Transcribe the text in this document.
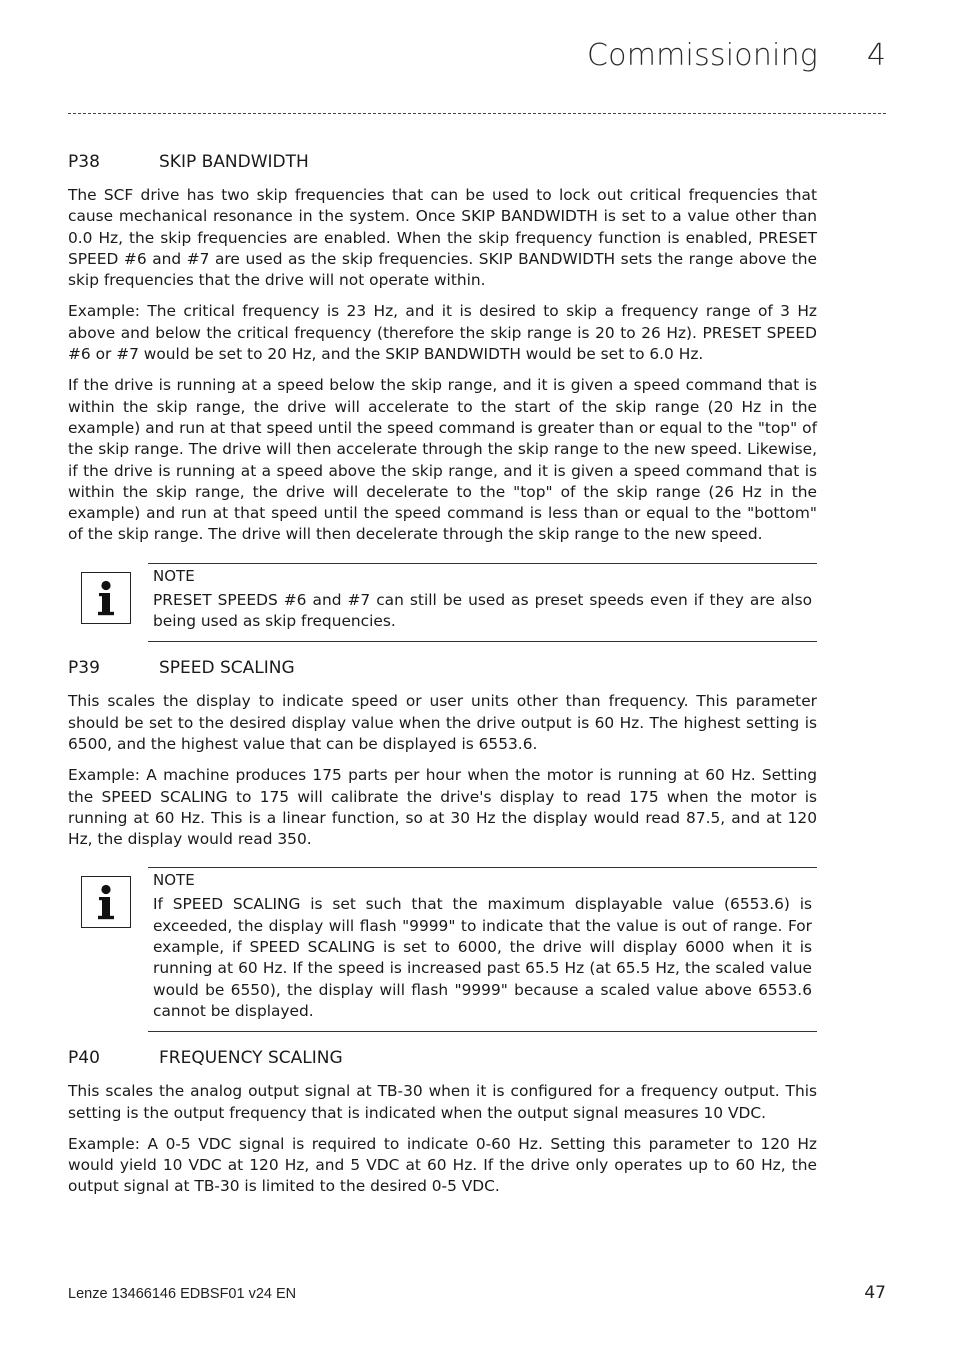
Commissioning 4
P38	SKIP BANDWIDTH

The SCF drive has two skip frequencies that can be used to lock out critical frequencies that cause mechanical resonance in the system. Once SKIP BANDWIDTH is set to a value other than 0.0 Hz, the skip frequencies are enabled. When the skip frequency function is enabled, PRESET SPEED #6 and #7 are used as the skip frequencies. SKIP BANDWIDTH sets the range above the skip frequencies that the drive will not operate within.

Example: The critical frequency is 23 Hz, and it is desired to skip a frequency range of 3 Hz above and below the critical frequency (therefore the skip range is 20 to 26 Hz). PRESET SPEED #6 or #7 would be set to 20 Hz, and the SKIP BANDWIDTH would be set to 6.0 Hz.

If the drive is running at a speed below the skip range, and it is given a speed command that is within the skip range, the drive will accelerate to the start of the skip range (20 Hz in the example) and run at that speed until the speed command is greater than or equal to the "top" of the skip range. The drive will then accelerate through the skip range to the new speed. Likewise, if the drive is running at a speed above the skip range, and it is given a speed command that is within the skip range, the drive will decelerate to the "top" of the skip range (26 Hz in the example) and run at that speed until the speed command is less than or equal to the "bottom" of the skip range. The drive will then decelerate through the skip range to the new speed.

NOTE
PRESET SPEEDS #6 and #7 can still be used as preset speeds even if they are also being used as skip frequencies.
P39	SPEED SCALING

This scales the display to indicate speed or user units other than frequency. This parameter should be set to the desired display value when the drive output is 60 Hz. The highest setting is 6500, and the highest value that can be displayed is 6553.6.

Example: A machine produces 175 parts per hour when the motor is running at 60 Hz. Setting the SPEED SCALING to 175 will calibrate the drive's display to read 175 when the motor is running at 60 Hz. This is a linear function, so at 30 Hz the display would read 87.5, and at 120 Hz, the display would read 350.

NOTE
If SPEED SCALING is set such that the maximum displayable value (6553.6) is exceeded, the display will flash "9999" to indicate that the value is out of range. For example, if SPEED SCALING is set to 6000, the drive will display 6000 when it is running at 60 Hz. If the speed is increased past 65.5 Hz (at 65.5 Hz, the scaled value would be 6550), the display will flash "9999" because a scaled value above 6553.6 cannot be displayed.
P40	FREQUENCY SCALING

This scales the analog output signal at TB-30 when it is configured for a frequency output. This setting is the output frequency that is indicated when the output signal measures 10 VDC.

Example: A 0-5 VDC signal is required to indicate 0-60 Hz. Setting this parameter to 120 Hz would yield 10 VDC at 120 Hz, and 5 VDC at 60 Hz. If the drive only operates up to 60 Hz, the output signal at TB-30 is limited to the desired 0-5 VDC.

Lenze 13466146 EDBSF01 v24 EN	47
